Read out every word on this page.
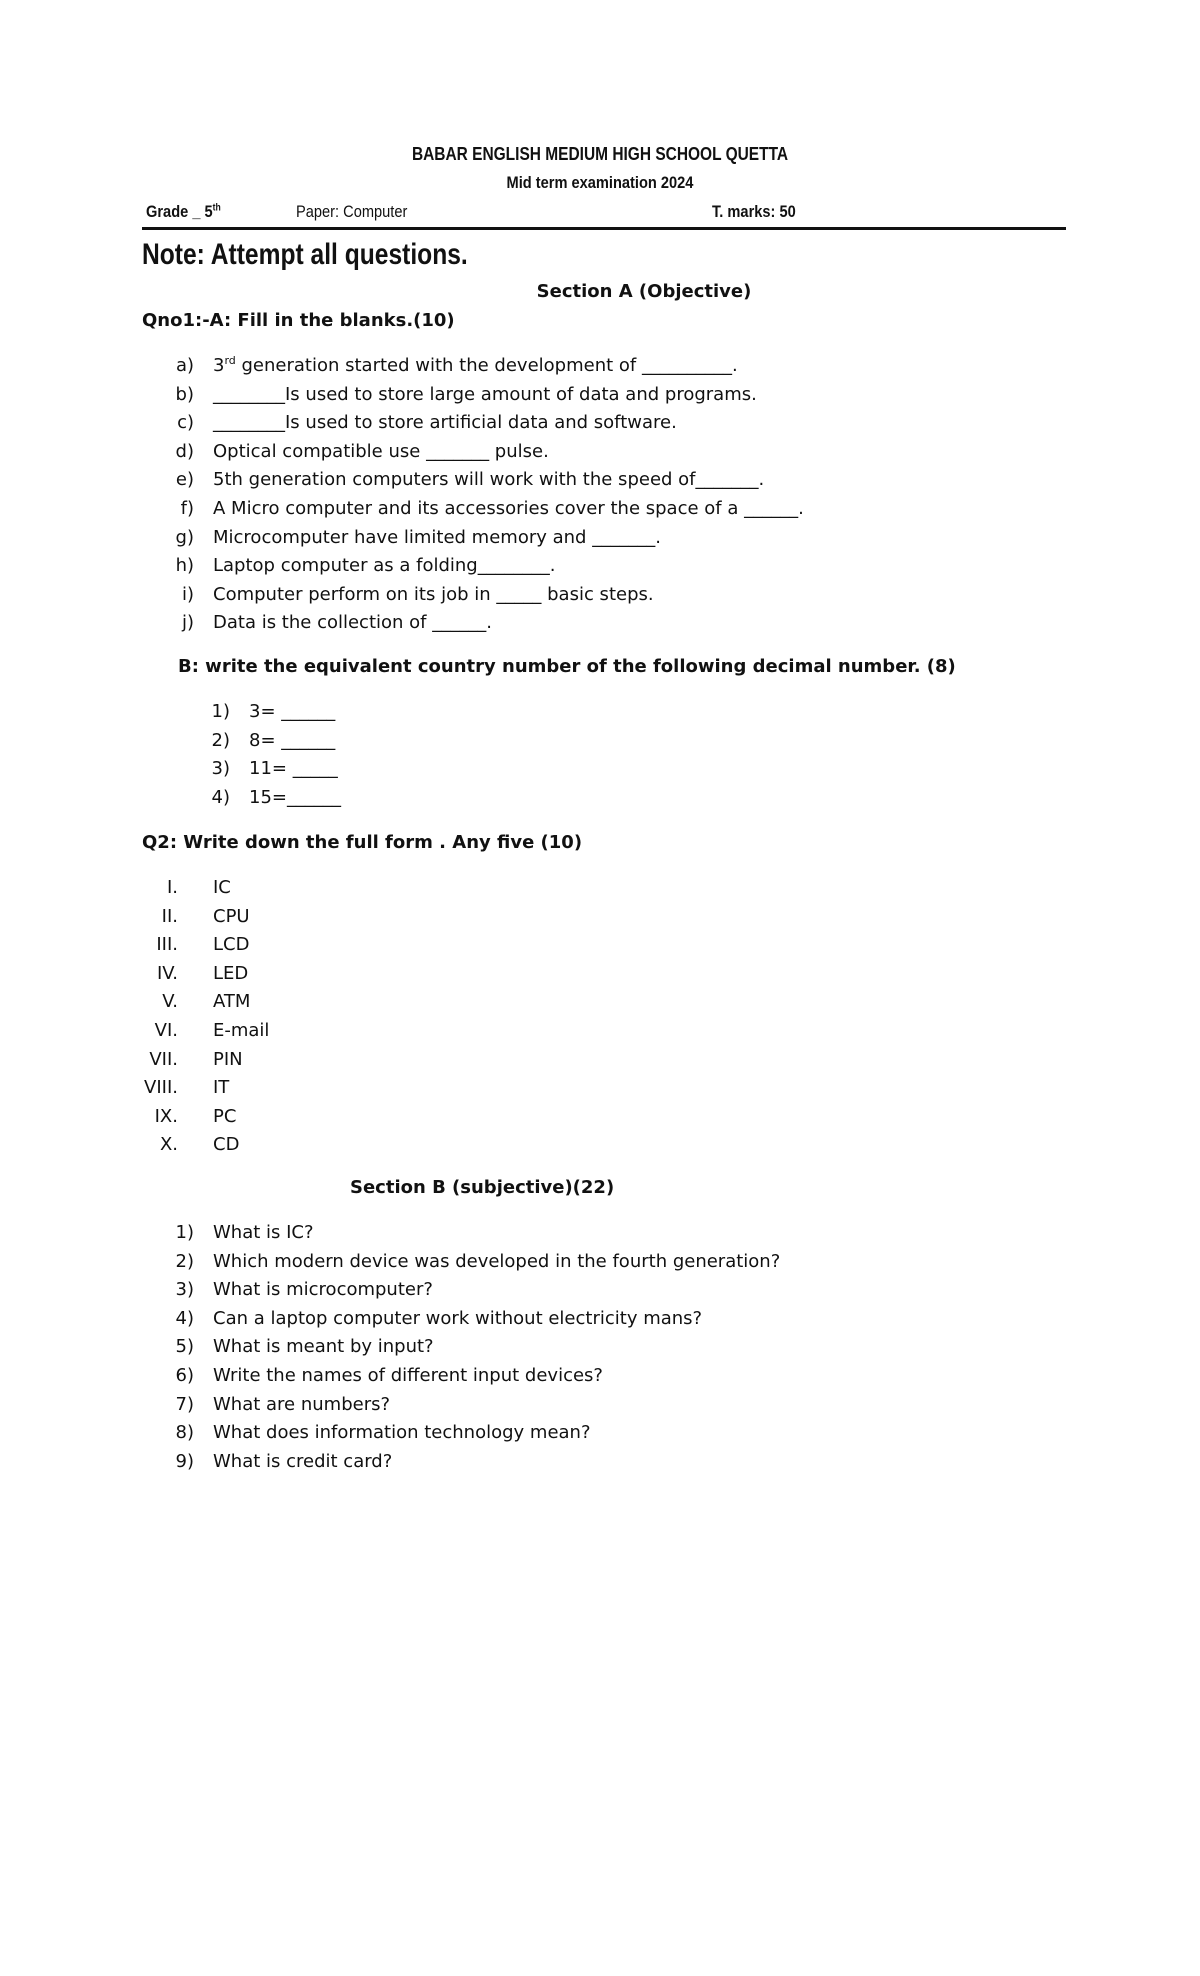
BABAR ENGLISH MEDIUM HIGH SCHOOL QUETTA
Mid term examination 2024
Grade _ 5th	Paper: Computer	T. marks: 50
Note: Attempt all questions.
Section A (Objective)
Qno1:-A: Fill in the blanks.(10)
a) 3rd generation started with the development of __________.
b) ________Is used to store large amount of data and programs.
c) ________Is used to store artificial data and software.
d) Optical compatible use _______ pulse.
e) 5th generation computers will work with the speed of_______.
f) A Micro computer and its accessories cover the space of a ______.
g) Microcomputer have limited memory and _______.
h) Laptop computer as a folding________.
i) Computer perform on its job in _____ basic steps.
j) Data is the collection of ______.
B: write the equivalent country number of the following decimal number. (8)
1) 3= ______
2) 8= ______
3) 11= _____
4) 15=______
Q2: Write down the full form . Any five (10)
I. IC
II. CPU
III. LCD
IV. LED
V. ATM
VI. E-mail
VII. PIN
VIII. IT
IX. PC
X. CD
Section B (subjective)(22)
1) What is IC?
2) Which modern device was developed in the fourth generation?
3) What is microcomputer?
4) Can a laptop computer work without electricity mans?
5) What is meant by input?
6) Write the names of different input devices?
7) What are numbers?
8) What does information technology mean?
9) What is credit card?
